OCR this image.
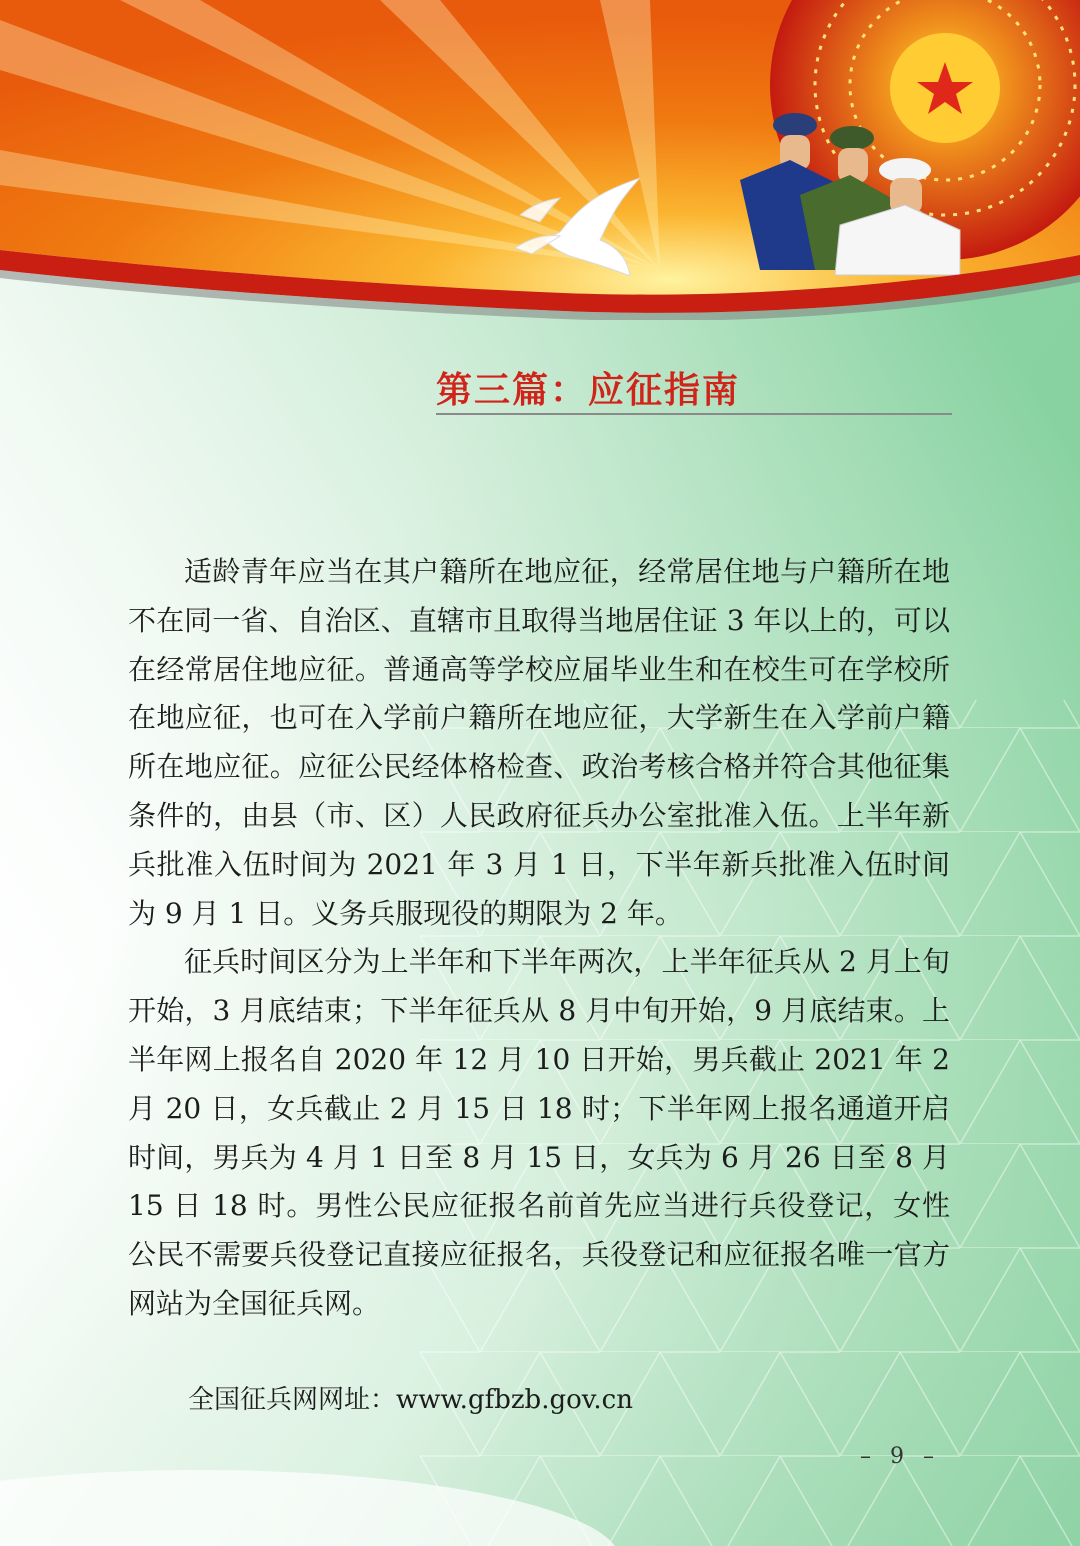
第三篇：应征指南

适龄青年应当在其户籍所在地应征，经常居住地与户籍所在地不在同一省、自治区、直辖市且取得当地居住证 3 年以上的，可以在经常居住地应征。普通高等学校应届毕业生和在校生可在学校所在地应征，也可在入学前户籍所在地应征，大学新生在入学前户籍所在地应征。应征公民经体格检查、政治考核合格并符合其他征集条件的，由县（市、区）人民政府征兵办公室批准入伍。上半年新兵批准入伍时间为 2021 年 3 月 1 日，下半年新兵批准入伍时间为 9 月 1 日。义务兵服现役的期限为 2 年。

征兵时间区分为上半年和下半年两次，上半年征兵从 2 月上旬开始，3 月底结束；下半年征兵从 8 月中旬开始，9 月底结束。上半年网上报名自 2020 年 12 月 10 日开始，男兵截止 2021 年 2 月 20 日，女兵截止 2 月 15 日 18 时；下半年网上报名通道开启时间，男兵为 4 月 1 日至 8 月 15 日，女兵为 6 月 26 日至 8 月 15 日 18 时。男性公民应征报名前首先应当进行兵役登记，女性公民不需要兵役登记直接应征报名，兵役登记和应征报名唯一官方网站为全国征兵网。

全国征兵网网址：www.gfbzb.gov.cn
– 9 –
